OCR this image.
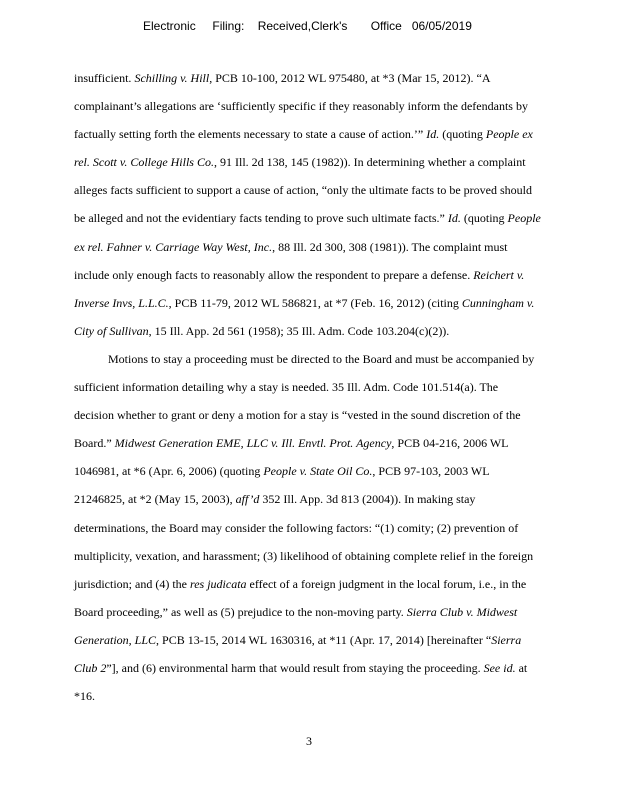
Electronic     Filing:    Received,Clerk's       Office   06/05/2019
insufficient. Schilling v. Hill, PCB 10-100, 2012 WL 975480, at *3 (Mar 15, 2012). “A
complainant’s allegations are ‘sufficiently specific if they reasonably inform the defendants by
factually setting forth the elements necessary to state a cause of action.’” Id. (quoting People ex
rel. Scott v. College Hills Co., 91 Ill. 2d 138, 145 (1982)). In determining whether a complaint
alleges facts sufficient to support a cause of action, “only the ultimate facts to be proved should
be alleged and not the evidentiary facts tending to prove such ultimate facts.” Id. (quoting People
ex rel. Fahner v. Carriage Way West, Inc., 88 Ill. 2d 300, 308 (1981)). The complaint must
include only enough facts to reasonably allow the respondent to prepare a defense. Reichert v.
Inverse Invs, L.L.C., PCB 11-79, 2012 WL 586821, at *7 (Feb. 16, 2012) (citing Cunningham v.
City of Sullivan, 15 Ill. App. 2d 561 (1958); 35 Ill. Adm. Code 103.204(c)(2)).
Motions to stay a proceeding must be directed to the Board and must be accompanied by
sufficient information detailing why a stay is needed. 35 Ill. Adm. Code 101.514(a). The
decision whether to grant or deny a motion for a stay is “vested in the sound discretion of the
Board.” Midwest Generation EME, LLC v. Ill. Envtl. Prot. Agency, PCB 04-216, 2006 WL
1046981, at *6 (Apr. 6, 2006) (quoting People v. State Oil Co., PCB 97-103, 2003 WL
21246825, at *2 (May 15, 2003), aff’d 352 Ill. App. 3d 813 (2004)). In making stay
determinations, the Board may consider the following factors: “(1) comity; (2) prevention of
multiplicity, vexation, and harassment; (3) likelihood of obtaining complete relief in the foreign
jurisdiction; and (4) the res judicata effect of a foreign judgment in the local forum, i.e., in the
Board proceeding,” as well as (5) prejudice to the non-moving party. Sierra Club v. Midwest
Generation, LLC, PCB 13-15, 2014 WL 1630316, at *11 (Apr. 17, 2014) [hereinafter “Sierra
Club 2”], and (6) environmental harm that would result from staying the proceeding. See id. at
*16.
3
